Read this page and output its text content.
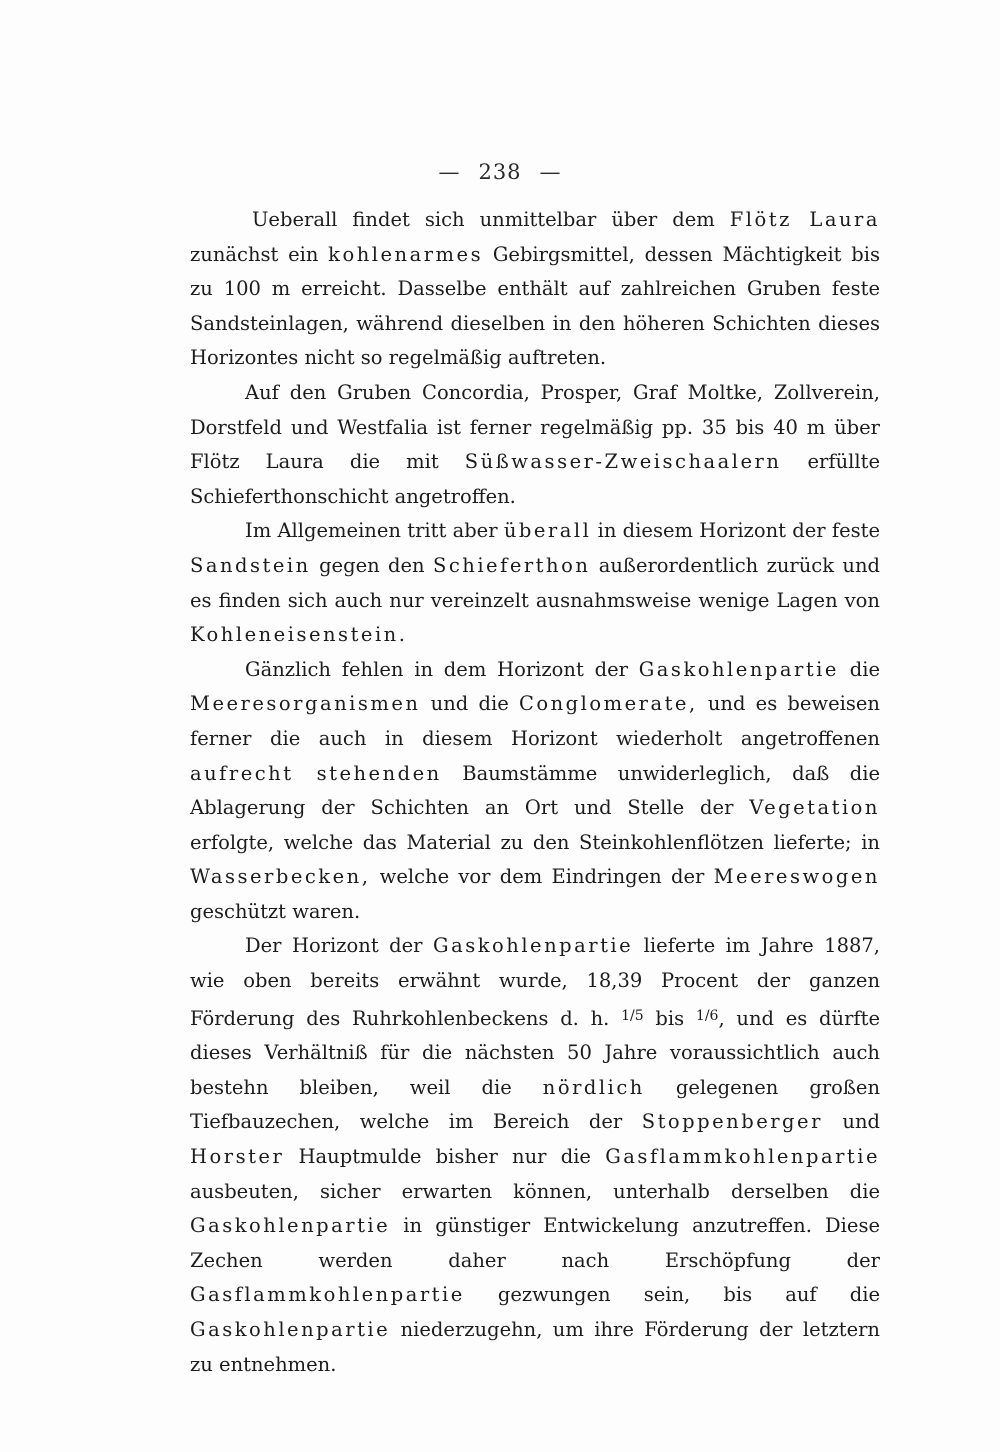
— 238 —

Ueberall findet sich unmittelbar über dem Flötz Laura zunächst ein kohlenarmes Gebirgsmittel, dessen Mächtigkeit bis zu 100 m erreicht. Dasselbe enthält auf zahlreichen Gruben feste Sandsteinlagen, während dieselben in den höheren Schichten dieses Horizontes nicht so regelmäßig auftreten.

Auf den Gruben Concordia, Prosper, Graf Moltke, Zollverein, Dorstfeld und Westfalia ist ferner regelmäßig pp. 35 bis 40 m über Flötz Laura die mit Süßwasser-Zweischaalern erfüllte Schieferthonschicht angetroffen.

Im Allgemeinen tritt aber überall in diesem Horizont der feste Sandstein gegen den Schieferthon außerordentlich zurück und es finden sich auch nur vereinzelt ausnahmsweise wenige Lagen von Kohleneisenstein.

Gänzlich fehlen in dem Horizont der Gaskohlenpartie die Meeresorganismen und die Conglomerate, und es beweisen ferner die auch in diesem Horizont wiederholt angetroffenen aufrecht stehenden Baumstämme unwiderleglich, daß die Ablagerung der Schichten an Ort und Stelle der Vegetation erfolgte, welche das Material zu den Steinkohlenflötzen lieferte; in Wasserbecken, welche vor dem Eindringen der Meereswogen geschützt waren.

Der Horizont der Gaskohlenpartie lieferte im Jahre 1887, wie oben bereits erwähnt wurde, 18,39 Procent der ganzen Förderung des Ruhrkohlenbeckens d. h. $^{1/5}$ bis $^{1/6}$, und es dürfte dieses Verhältniß für die nächsten 50 Jahre voraussichtlich auch bestehn bleiben, weil die nördlich gelegenen großen Tiefbauzechen, welche im Bereich der Stoppenberger und Horster Hauptmulde bisher nur die Gasflammkohlenpartie ausbeuten, sicher erwarten können, unterhalb derselben die Gaskohlenpartie in günstiger Entwickelung anzutreffen. Diese Zechen werden daher nach Erschöpfung der Gasflammkohlenpartie gezwungen sein, bis auf die Gaskohlenpartie niederzugehn, um ihre Förderung der letztern zu entnehmen.
